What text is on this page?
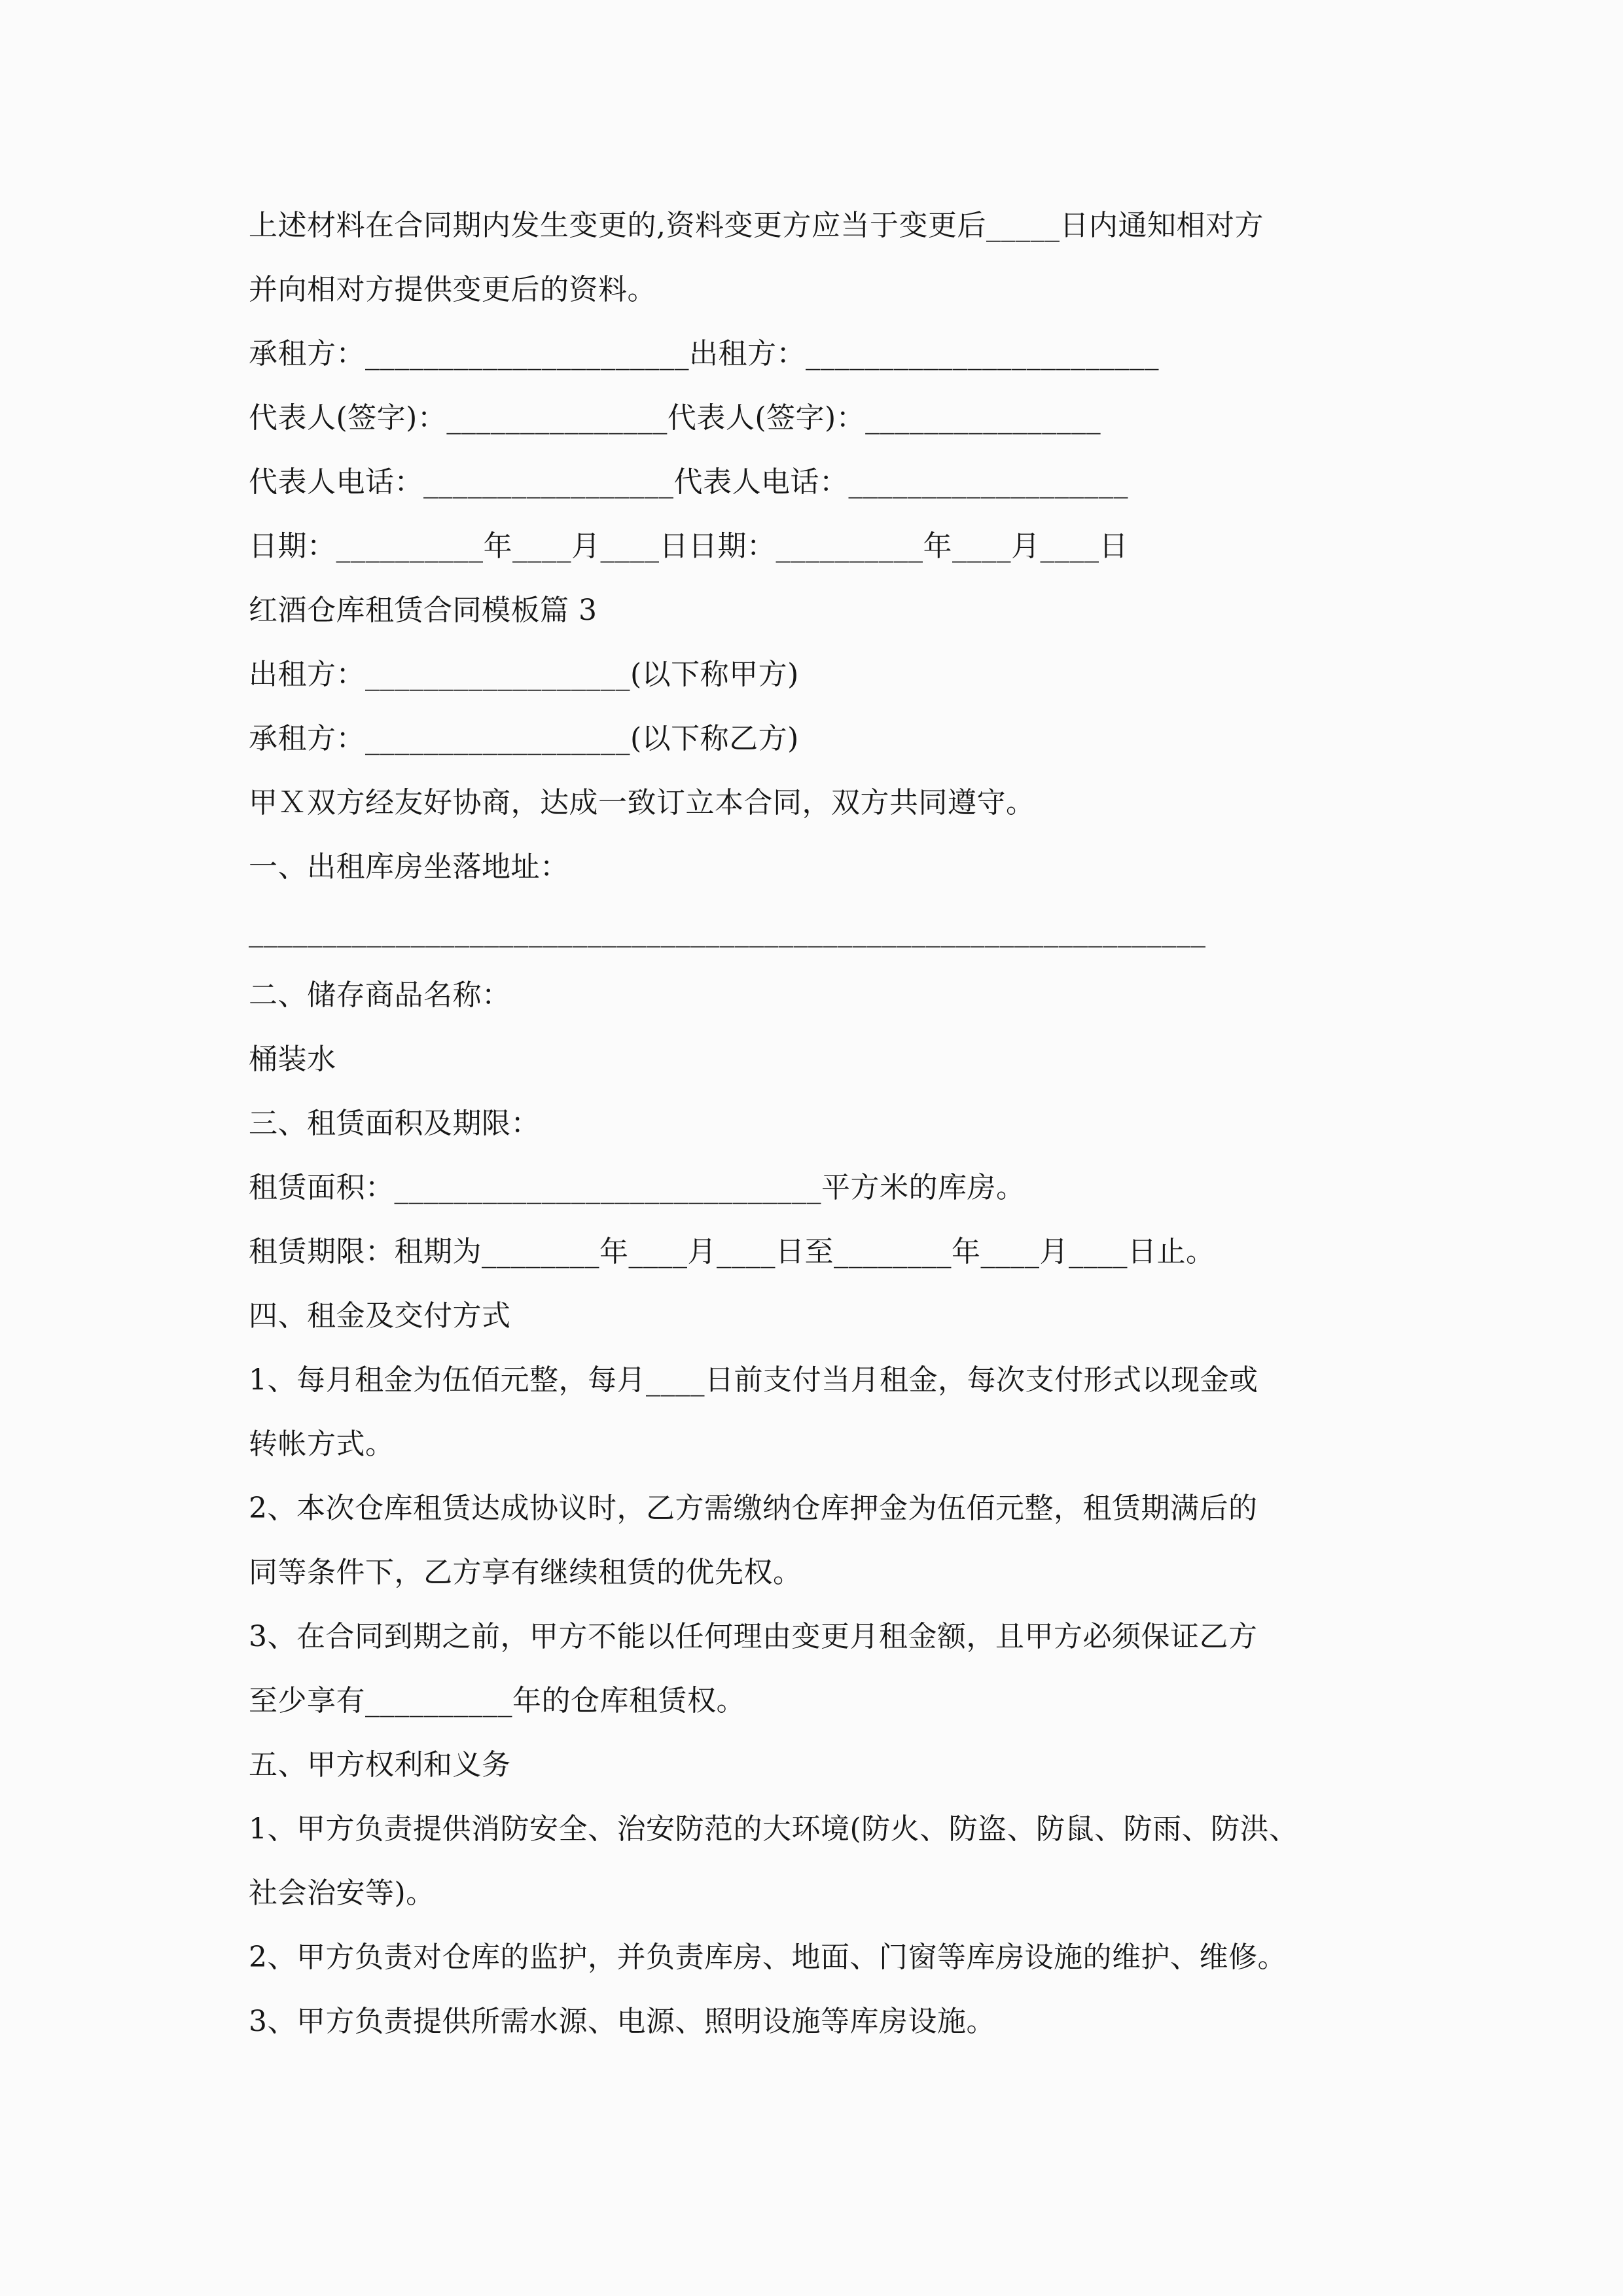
上述材料在合同期内发生变更的,资料变更方应当于变更后_____日内通知相对方
并向相对方提供变更后的资料。
承租方：______________________出租方：________________________
代表人(签字)：_______________代表人(签字)：________________
代表人电话：_________________代表人电话：___________________
日期：__________年____月____日日期：__________年____月____日
红酒仓库租赁合同模板篇 3
出租方：__________________(以下称甲方)
承租方：__________________(以下称乙方)
甲Ｘ双方经友好协商，达成一致订立本合同，双方共同遵守。
一、出租库房坐落地址：
_________________________________________________________________
二、储存商品名称：
桶装水
三、租赁面积及期限：
租赁面积：_____________________________平方米的库房。
租赁期限：租期为________年____月____日至________年____月____日止。
四、租金及交付方式
1、每月租金为伍佰元整，每月____日前支付当月租金，每次支付形式以现金或
转帐方式。
2、本次仓库租赁达成协议时，乙方需缴纳仓库押金为伍佰元整，租赁期满后的
同等条件下，乙方享有继续租赁的优先权。
3、在合同到期之前，甲方不能以任何理由变更月租金额，且甲方必须保证乙方
至少享有__________年的仓库租赁权。
五、甲方权利和义务
1、甲方负责提供消防安全、治安防范的大环境(防火、防盗、防鼠、防雨、防洪、
社会治安等)。
2、甲方负责对仓库的监护，并负责库房、地面、门窗等库房设施的维护、维修。
3、甲方负责提供所需水源、电源、照明设施等库房设施。
